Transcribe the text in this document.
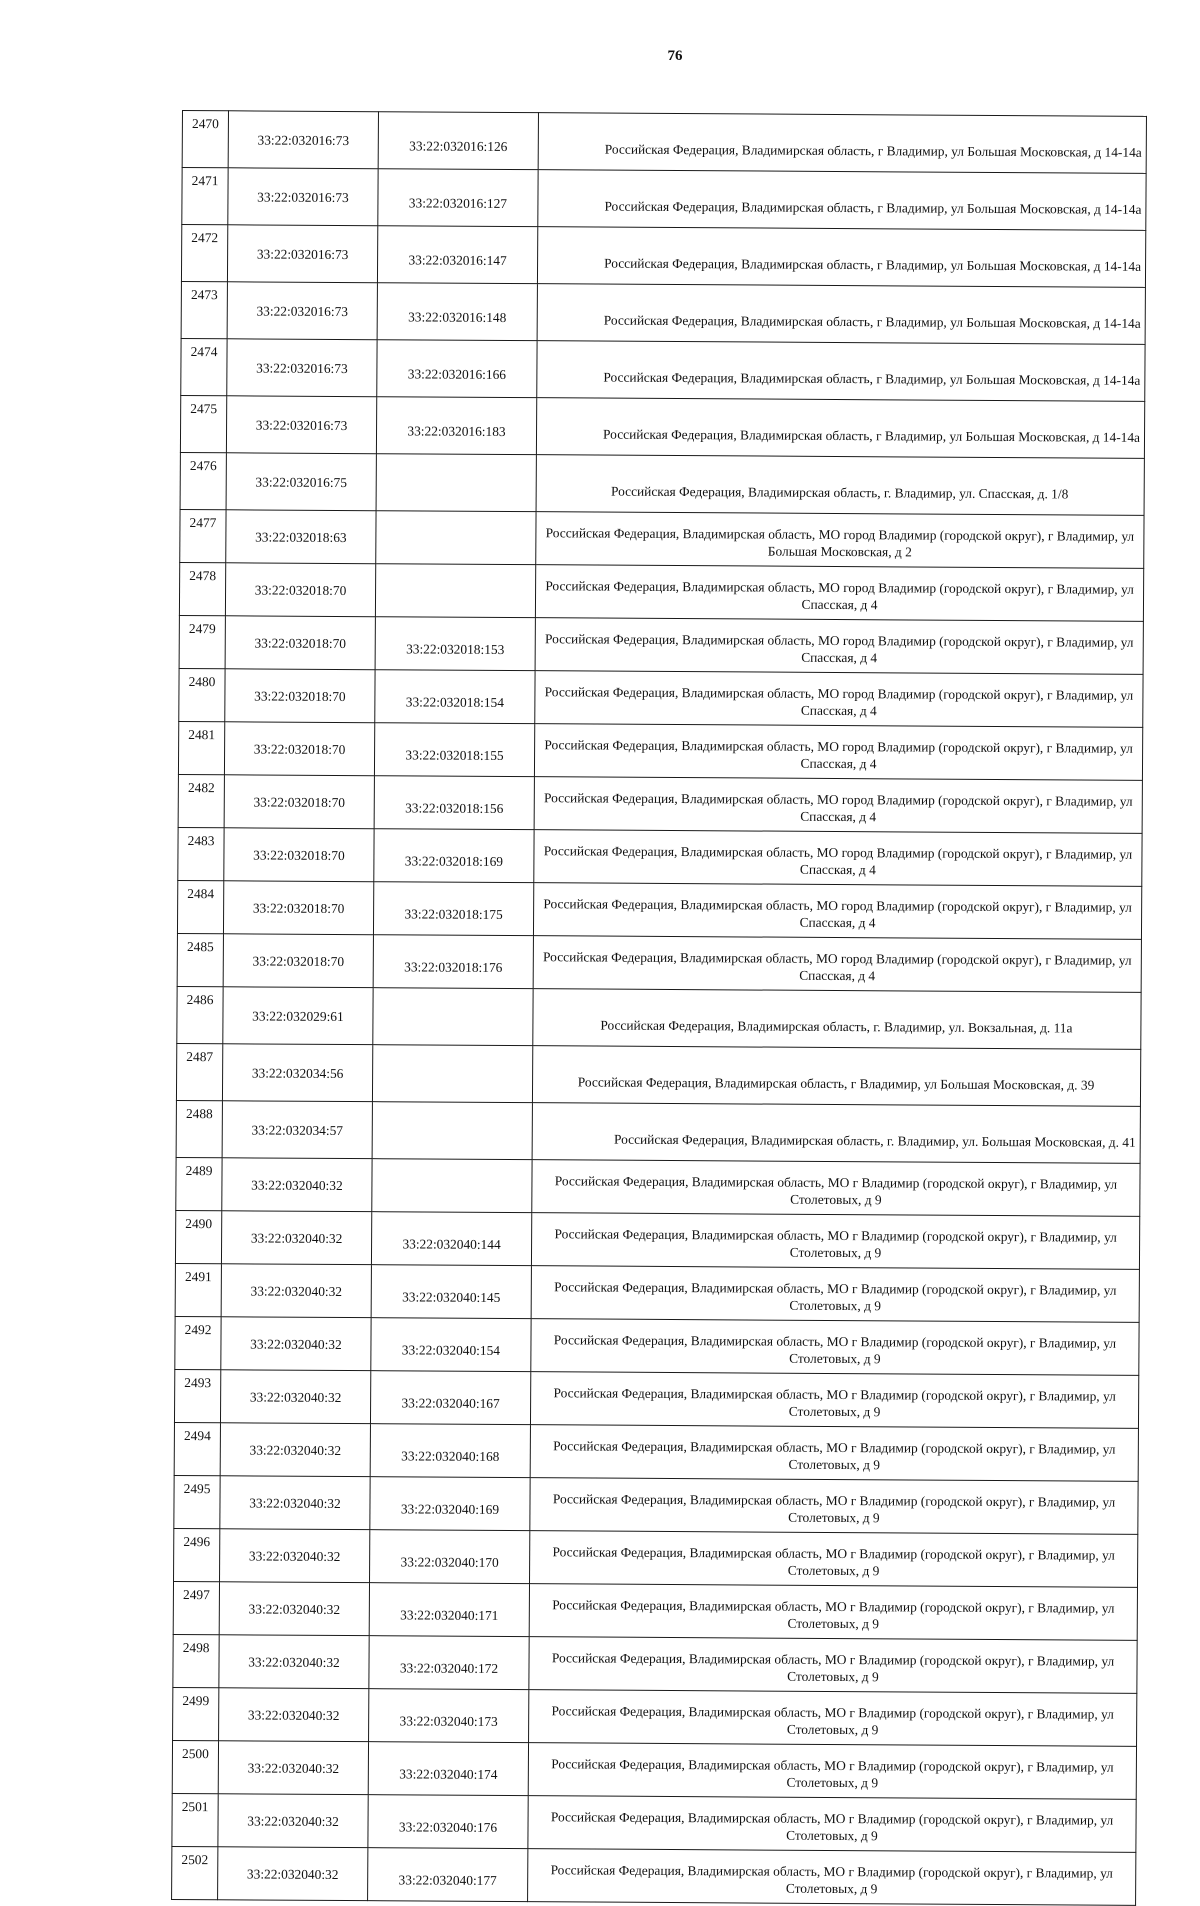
76
2470	33:22:032016:73	33:22:032016:126	Российская Федерация, Владимирская область, г Владимир, ул Большая Московская, д 14-14а
2471	33:22:032016:73	33:22:032016:127	Российская Федерация, Владимирская область, г Владимир, ул Большая Московская, д 14-14а
2472	33:22:032016:73	33:22:032016:147	Российская Федерация, Владимирская область, г Владимир, ул Большая Московская, д 14-14а
2473	33:22:032016:73	33:22:032016:148	Российская Федерация, Владимирская область, г Владимир, ул Большая Московская, д 14-14а
2474	33:22:032016:73	33:22:032016:166	Российская Федерация, Владимирская область, г Владимир, ул Большая Московская, д 14-14а
2475	33:22:032016:73	33:22:032016:183	Российская Федерация, Владимирская область, г Владимир, ул Большая Московская, д 14-14а
2476	33:22:032016:75		Российская Федерация, Владимирская область, г. Владимир, ул. Спасская, д. 1/8
2477	33:22:032018:63		Российская Федерация, Владимирская область, МО город Владимир (городской округ), г Владимир, ул Большая Московская, д 2
2478	33:22:032018:70		Российская Федерация, Владимирская область, МО город Владимир (городской округ), г Владимир, ул Спасская, д 4
2479	33:22:032018:70	33:22:032018:153	Российская Федерация, Владимирская область, МО город Владимир (городской округ), г Владимир, ул Спасская, д 4
2480	33:22:032018:70	33:22:032018:154	Российская Федерация, Владимирская область, МО город Владимир (городской округ), г Владимир, ул Спасская, д 4
2481	33:22:032018:70	33:22:032018:155	Российская Федерация, Владимирская область, МО город Владимир (городской округ), г Владимир, ул Спасская, д 4
2482	33:22:032018:70	33:22:032018:156	Российская Федерация, Владимирская область, МО город Владимир (городской округ), г Владимир, ул Спасская, д 4
2483	33:22:032018:70	33:22:032018:169	Российская Федерация, Владимирская область, МО город Владимир (городской округ), г Владимир, ул Спасская, д 4
2484	33:22:032018:70	33:22:032018:175	Российская Федерация, Владимирская область, МО город Владимир (городской округ), г Владимир, ул Спасская, д 4
2485	33:22:032018:70	33:22:032018:176	Российская Федерация, Владимирская область, МО город Владимир (городской округ), г Владимир, ул Спасская, д 4
2486	33:22:032029:61		Российская Федерация, Владимирская область, г. Владимир, ул. Вокзальная, д. 11а
2487	33:22:032034:56		Российская Федерация, Владимирская область, г Владимир, ул Большая Московская, д. 39
2488	33:22:032034:57		Российская Федерация, Владимирская область, г. Владимир, ул. Большая Московская, д. 41
2489	33:22:032040:32		Российская Федерация, Владимирская область, МО г Владимир (городской округ), г Владимир, ул Столетовых, д 9
2490	33:22:032040:32	33:22:032040:144	Российская Федерация, Владимирская область, МО г Владимир (городской округ), г Владимир, ул Столетовых, д 9
2491	33:22:032040:32	33:22:032040:145	Российская Федерация, Владимирская область, МО г Владимир (городской округ), г Владимир, ул Столетовых, д 9
2492	33:22:032040:32	33:22:032040:154	Российская Федерация, Владимирская область, МО г Владимир (городской округ), г Владимир, ул Столетовых, д 9
2493	33:22:032040:32	33:22:032040:167	Российская Федерация, Владимирская область, МО г Владимир (городской округ), г Владимир, ул Столетовых, д 9
2494	33:22:032040:32	33:22:032040:168	Российская Федерация, Владимирская область, МО г Владимир (городской округ), г Владимир, ул Столетовых, д 9
2495	33:22:032040:32	33:22:032040:169	Российская Федерация, Владимирская область, МО г Владимир (городской округ), г Владимир, ул Столетовых, д 9
2496	33:22:032040:32	33:22:032040:170	Российская Федерация, Владимирская область, МО г Владимир (городской округ), г Владимир, ул Столетовых, д 9
2497	33:22:032040:32	33:22:032040:171	Российская Федерация, Владимирская область, МО г Владимир (городской округ), г Владимир, ул Столетовых, д 9
2498	33:22:032040:32	33:22:032040:172	Российская Федерация, Владимирская область, МО г Владимир (городской округ), г Владимир, ул Столетовых, д 9
2499	33:22:032040:32	33:22:032040:173	Российская Федерация, Владимирская область, МО г Владимир (городской округ), г Владимир, ул Столетовых, д 9
2500	33:22:032040:32	33:22:032040:174	Российская Федерация, Владимирская область, МО г Владимир (городской округ), г Владимир, ул Столетовых, д 9
2501	33:22:032040:32	33:22:032040:176	Российская Федерация, Владимирская область, МО г Владимир (городской округ), г Владимир, ул Столетовых, д 9
2502	33:22:032040:32	33:22:032040:177	Российская Федерация, Владимирская область, МО г Владимир (городской округ), г Владимир, ул Столетовых, д 9
